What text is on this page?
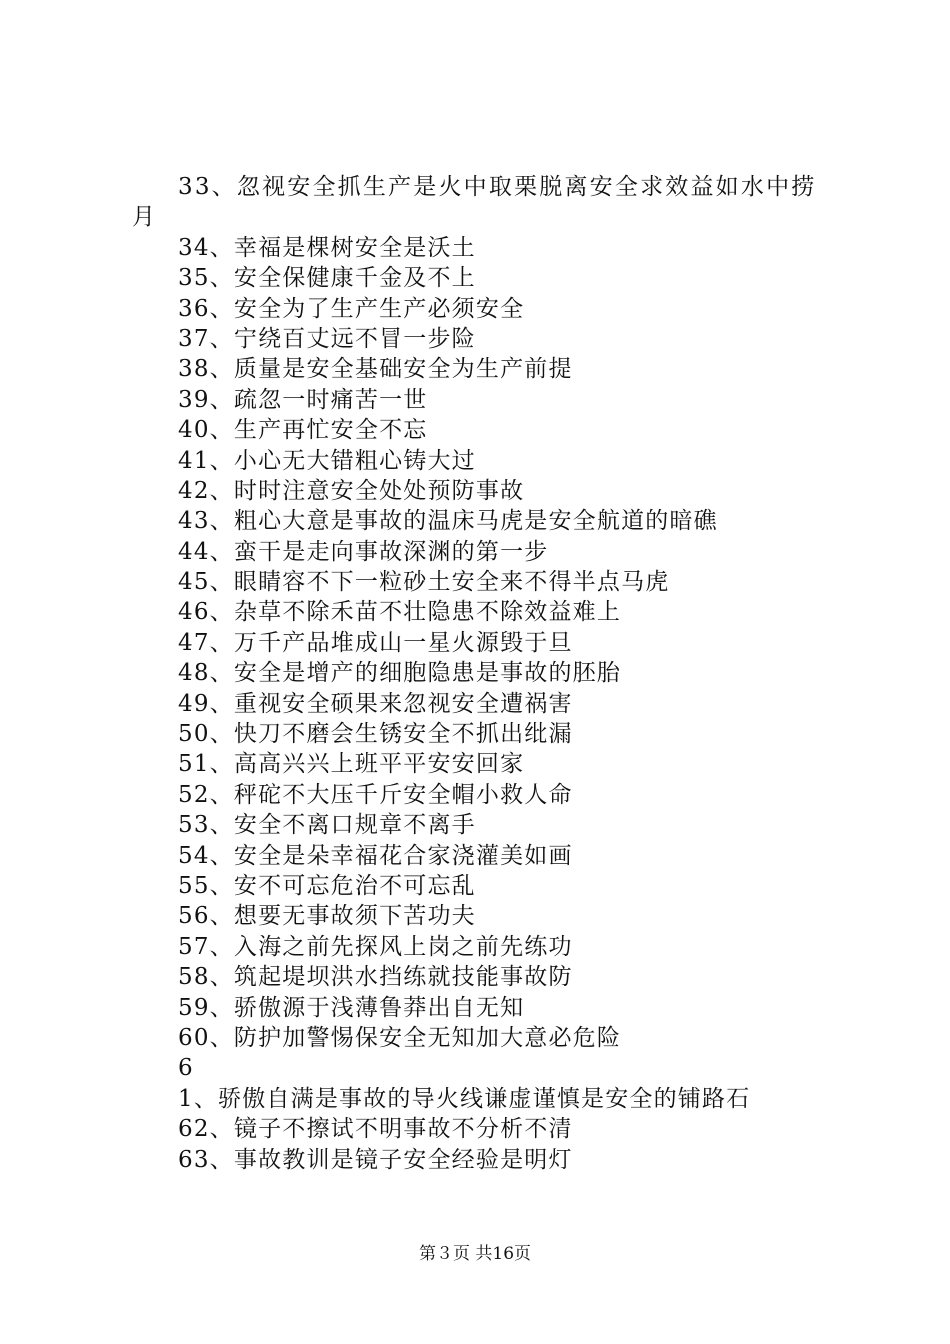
33、忽视安全抓生产是火中取栗脱离安全求效益如水中捞
月
34、幸福是棵树安全是沃土
35、安全保健康千金及不上
36、安全为了生产生产必须安全
37、宁绕百丈远不冒一步险
38、质量是安全基础安全为生产前提
39、疏忽一时痛苦一世
40、生产再忙安全不忘
41、小心无大错粗心铸大过
42、时时注意安全处处预防事故
43、粗心大意是事故的温床马虎是安全航道的暗礁
44、蛮干是走向事故深渊的第一步
45、眼睛容不下一粒砂土安全来不得半点马虎
46、杂草不除禾苗不壮隐患不除效益难上
47、万千产品堆成山一星火源毁于旦
48、安全是增产的细胞隐患是事故的胚胎
49、重视安全硕果来忽视安全遭祸害
50、快刀不磨会生锈安全不抓出纰漏
51、高高兴兴上班平平安安回家
52、秤砣不大压千斤安全帽小救人命
53、安全不离口规章不离手
54、安全是朵幸福花合家浇灌美如画
55、安不可忘危治不可忘乱
56、想要无事故须下苦功夫
57、入海之前先探风上岗之前先练功
58、筑起堤坝洪水挡练就技能事故防
59、骄傲源于浅薄鲁莽出自无知
60、防护加警惕保安全无知加大意必危险
6
1、骄傲自满是事故的导火线谦虚谨慎是安全的铺路石
62、镜子不擦试不明事故不分析不清
63、事故教训是镜子安全经验是明灯
第３页 共16页
